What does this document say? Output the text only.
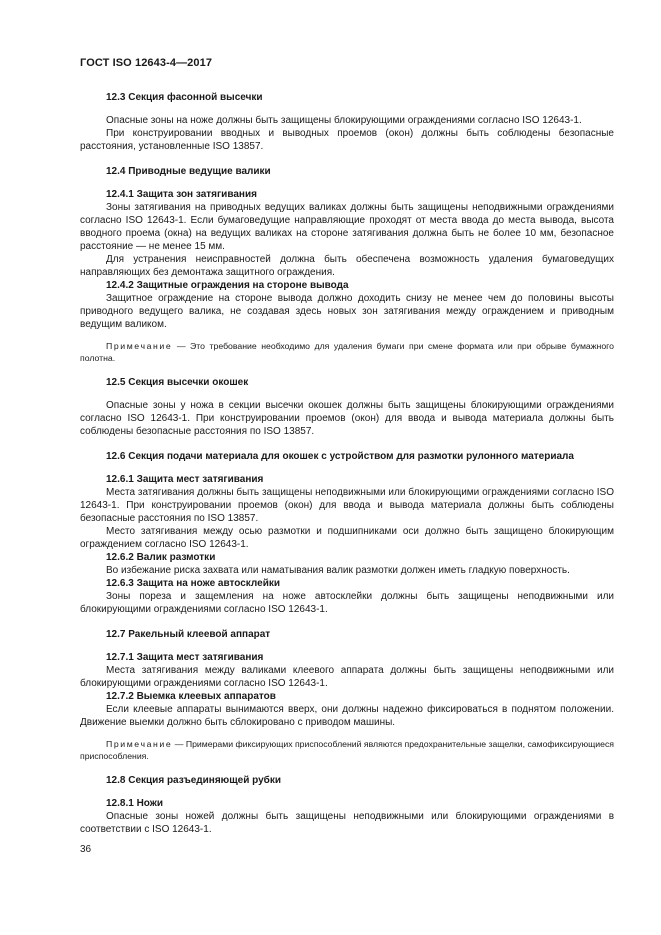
ГОСТ ISO 12643-4—2017

12.3 Секция фасонной высечки

Опасные зоны на ноже должны быть защищены блокирующими ограждениями согласно ISO 12643-1.

При конструировании вводных и выводных проемов (окон) должны быть соблюдены безопасные расстояния, установленные ISO 13857.

12.4 Приводные ведущие валики

12.4.1 Защита зон затягивания

Зоны затягивания на приводных ведущих валиках должны быть защищены неподвижными ограждениями согласно ISO 12643-1. Если бумаговедущие направляющие проходят от места ввода до места вывода, высота вводного проема (окна) на ведущих валиках на стороне затягивания должна быть не более 10 мм, безопасное расстояние — не менее 15 мм.

Для устранения неисправностей должна быть обеспечена возможность удаления бумаговедущих направляющих без демонтажа защитного ограждения.

12.4.2 Защитные ограждения на стороне вывода

Защитное ограждение на стороне вывода должно доходить снизу не менее чем до половины высоты приводного ведущего валика, не создавая здесь новых зон затягивания между ограждением и приводным ведущим валиком.

Примечание — Это требование необходимо для удаления бумаги при смене формата или при обрыве бумажного полотна.

12.5 Секция высечки окошек

Опасные зоны у ножа в секции высечки окошек должны быть защищены блокирующими ограждениями согласно ISO 12643-1. При конструировании проемов (окон) для ввода и вывода материала должны быть соблюдены безопасные расстояния по ISO 13857.

12.6 Секция подачи материала для окошек с устройством для размотки рулонного материала

12.6.1 Защита мест затягивания

Места затягивания должны быть защищены неподвижными или блокирующими ограждениями согласно ISO 12643-1. При конструировании проемов (окон) для ввода и вывода материала должны быть соблюдены безопасные расстояния по ISO 13857.

Место затягивания между осью размотки и подшипниками оси должно быть защищено блокирующим ограждением согласно ISO 12643-1.

12.6.2 Валик размотки

Во избежание риска захвата или наматывания валик размотки должен иметь гладкую поверхность.

12.6.3 Защита на ноже автосклейки

Зоны пореза и защемления на ноже автосклейки должны быть защищены неподвижными или блокирующими ограждениями согласно ISO 12643-1.

12.7 Ракельный клеевой аппарат

12.7.1 Защита мест затягивания

Места затягивания между валиками клеевого аппарата должны быть защищены неподвижными или блокирующими ограждениями согласно ISO 12643-1.

12.7.2 Выемка клеевых аппаратов

Если клеевые аппараты вынимаются вверх, они должны надежно фиксироваться в поднятом положении. Движение выемки должно быть сблокировано с приводом машины.

Примечание — Примерами фиксирующих приспособлений являются предохранительные защелки, самофиксирующиеся приспособления.

12.8 Секция разъединяющей рубки

12.8.1 Ножи

Опасные зоны ножей должны быть защищены неподвижными или блокирующими ограждениями в соответствии с ISO 12643-1.

36
